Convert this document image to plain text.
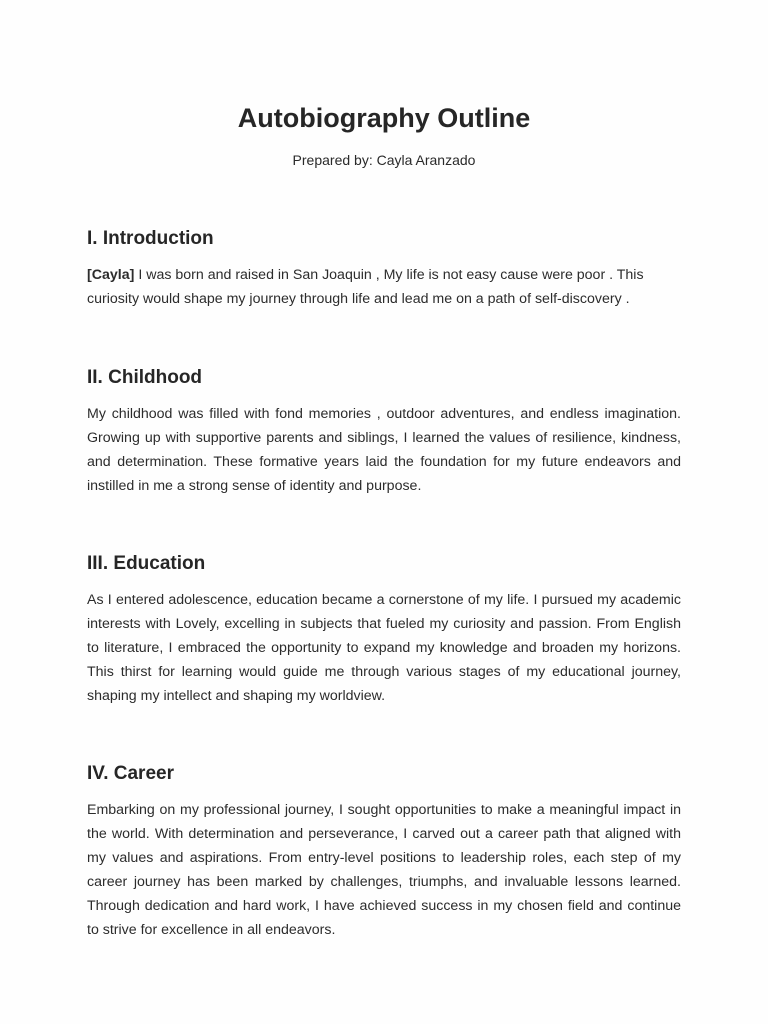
Autobiography Outline

Prepared by: Cayla Aranzado

I. Introduction

[Cayla] I was born and raised in San Joaquin , My life is not easy cause were poor . This curiosity would shape my journey through life and lead me on a path of self-discovery .

II. Childhood

My childhood was filled with fond memories , outdoor adventures, and endless imagination. Growing up with supportive parents and siblings, I learned the values of resilience, kindness, and determination. These formative years laid the foundation for my future endeavors and instilled in me a strong sense of identity and purpose.

III. Education

As I entered adolescence, education became a cornerstone of my life. I pursued my academic interests with Lovely, excelling in subjects that fueled my curiosity and passion. From English to literature, I embraced the opportunity to expand my knowledge and broaden my horizons. This thirst for learning would guide me through various stages of my educational journey, shaping my intellect and shaping my worldview.

IV. Career

Embarking on my professional journey, I sought opportunities to make a meaningful impact in the world. With determination and perseverance, I carved out a career path that aligned with my values and aspirations. From entry-level positions to leadership roles, each step of my career journey has been marked by challenges, triumphs, and invaluable lessons learned. Through dedication and hard work, I have achieved success in my chosen field and continue to strive for excellence in all endeavors.
